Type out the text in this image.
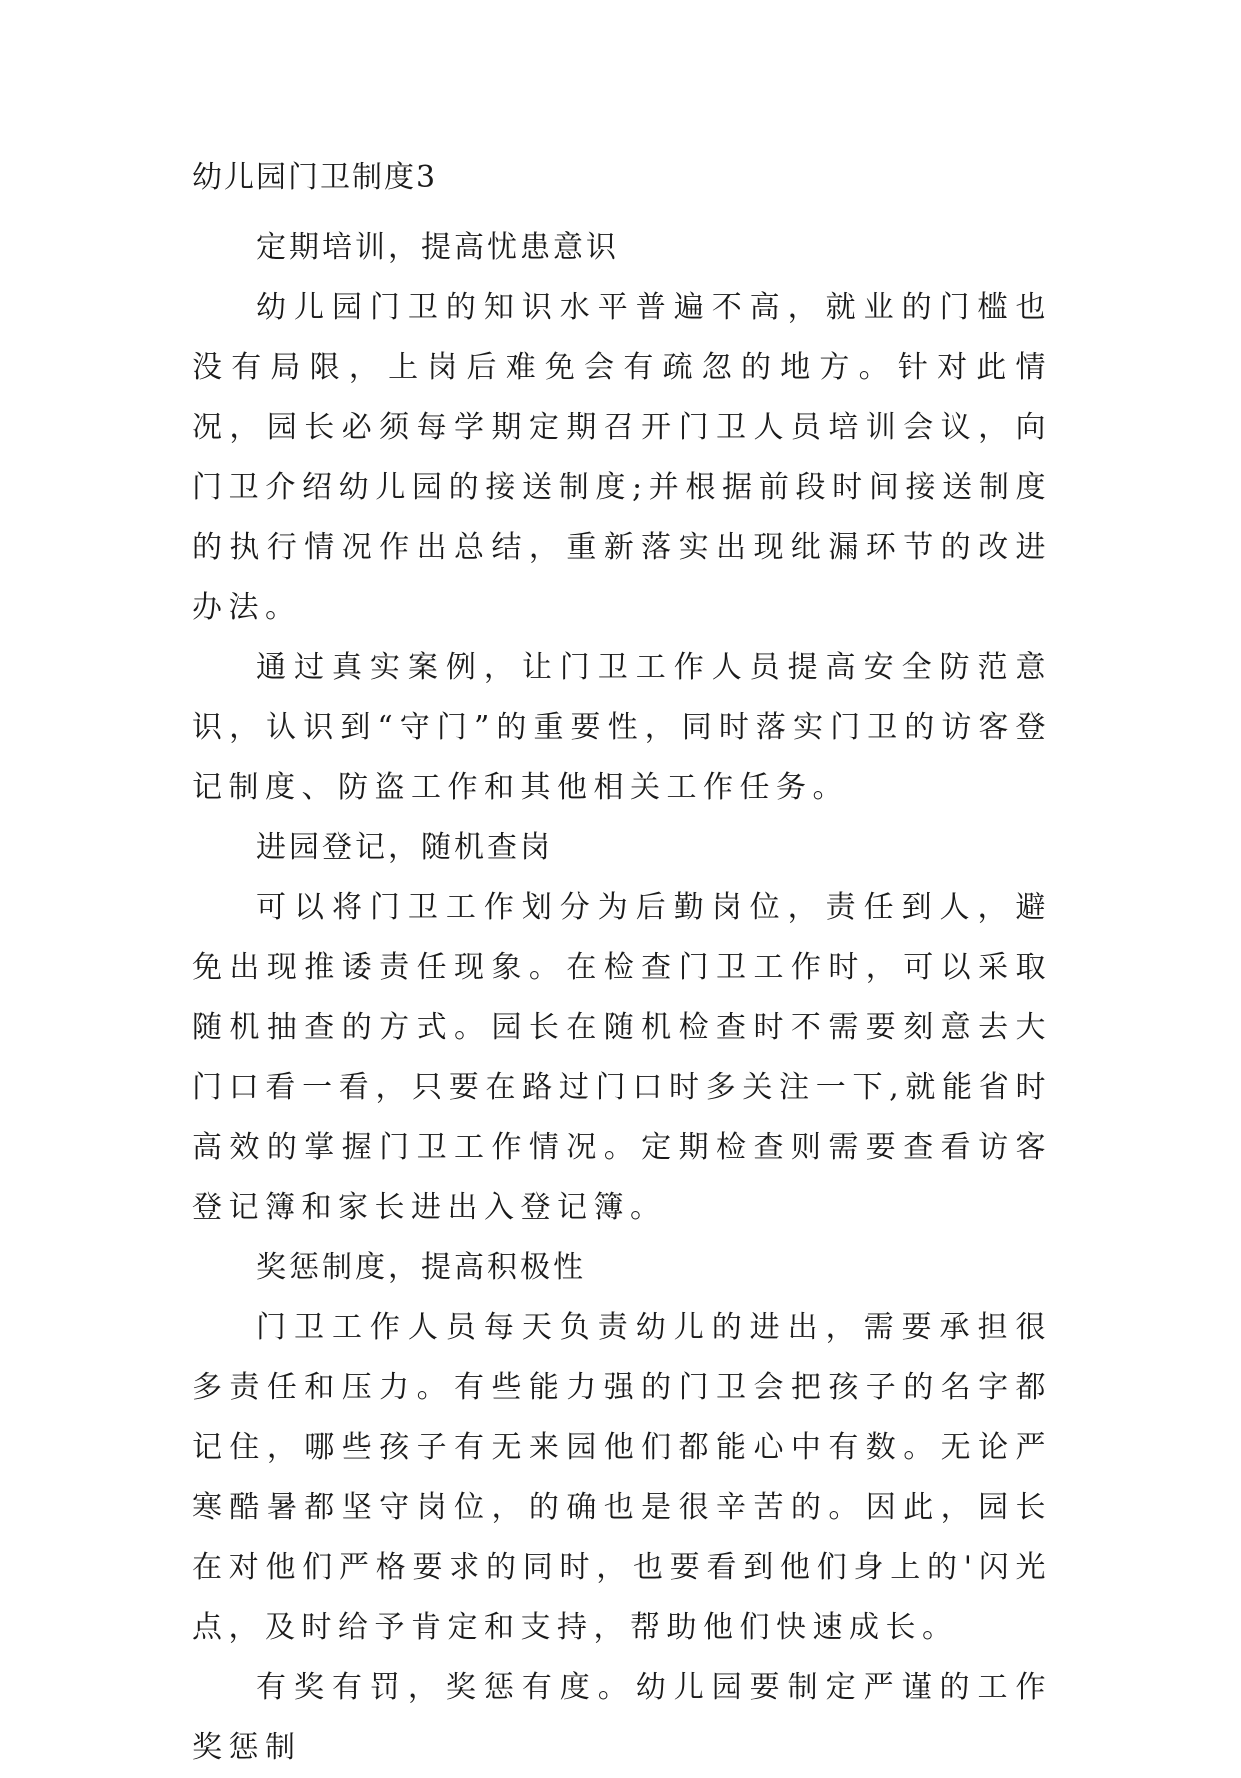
幼儿园门卫制度3

定期培训，提高忧患意识

幼儿园门卫的知识水平普遍不高，就业的门槛也没有局限，上岗后难免会有疏忽的地方。针对此情况，园长必须每学期定期召开门卫人员培训会议，向门卫介绍幼儿园的接送制度;并根据前段时间接送制度的执行情况作出总结，重新落实出现纰漏环节的改进办法。

通过真实案例，让门卫工作人员提高安全防范意识，认识到“守门”的重要性，同时落实门卫的访客登记制度、防盗工作和其他相关工作任务。

进园登记，随机查岗

可以将门卫工作划分为后勤岗位，责任到人，避免出现推诿责任现象。在检查门卫工作时，可以采取随机抽查的方式。园长在随机检查时不需要刻意去大门口看一看，只要在路过门口时多关注一下,就能省时高效的掌握门卫工作情况。定期检查则需要查看访客登记簿和家长进出入登记簿。

奖惩制度，提高积极性

门卫工作人员每天负责幼儿的进出，需要承担很多责任和压力。有些能力强的门卫会把孩子的名字都记住，哪些孩子有无来园他们都能心中有数。无论严寒酷暑都坚守岗位，的确也是很辛苦的。因此，园长在对他们严格要求的同时，也要看到他们身上的'闪光点，及时给予肯定和支持，帮助他们快速成长。

有奖有罚，奖惩有度。幼儿园要制定严谨的工作奖惩制
